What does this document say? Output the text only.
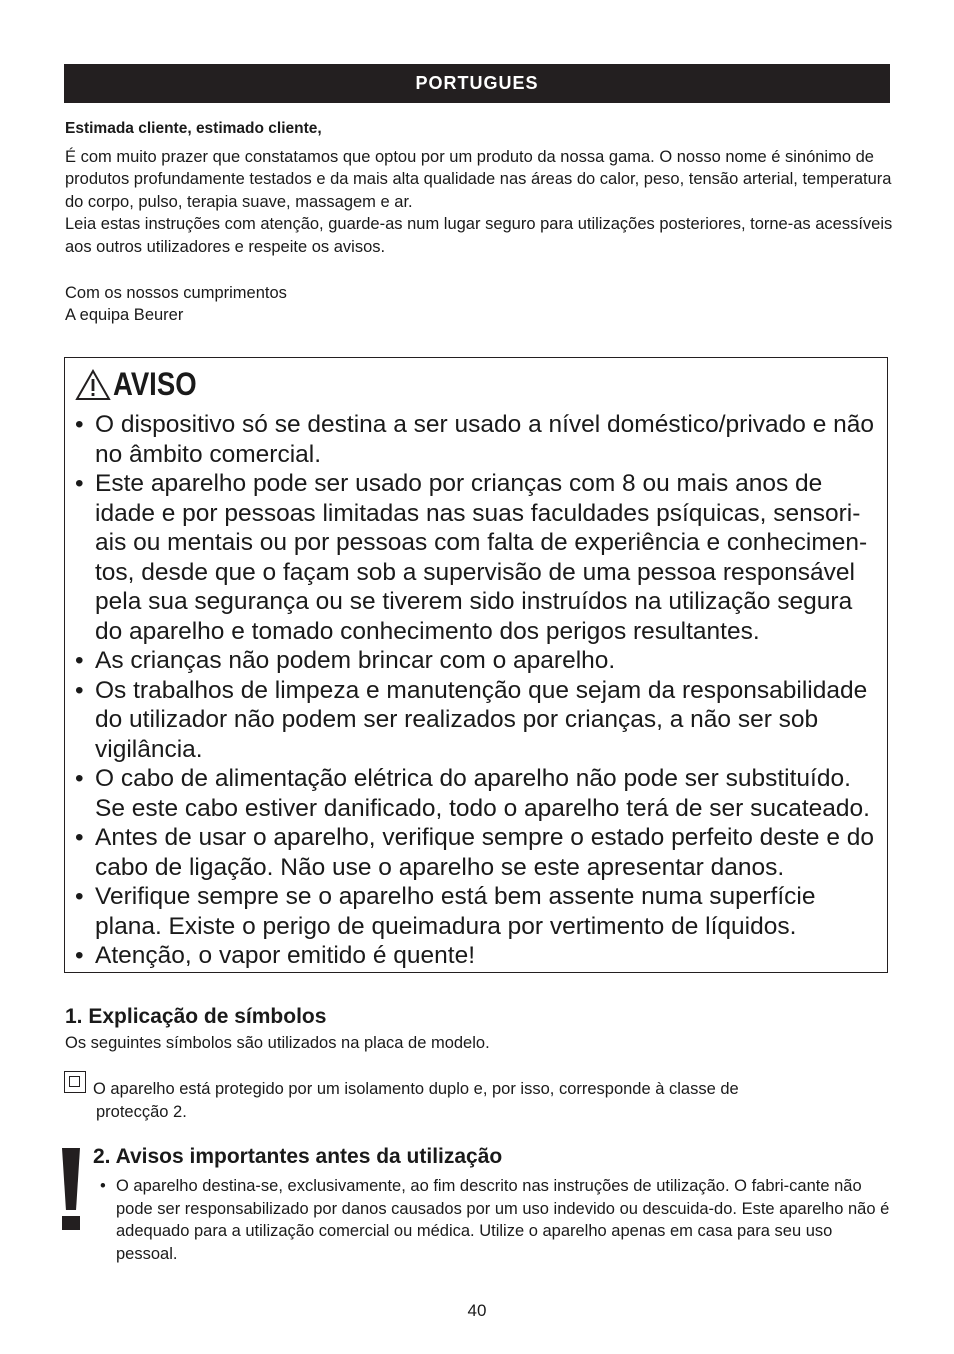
PORTUGUES
Estimada cliente, estimado cliente,

É com muito prazer que constatamos que optou por um produto da nossa gama. O nosso nome é sinónimo de produtos profundamente testados e da mais alta qualidade nas áreas do calor, peso, tensão arterial, temperatura do corpo, pulso, terapia suave, massagem e ar.

Leia estas instruções com atenção, guarde-as num lugar seguro para utilizações posteriores, torne-as acessíveis aos outros utilizadores e respeite os avisos.

Com os nossos cumprimentos

A equipa Beurer

AVISO
• O dispositivo só se destina a ser usado a nível doméstico/privado e não no âmbito comercial.
• Este aparelho pode ser usado por crianças com 8 ou mais anos de idade e por pessoas limitadas nas suas faculdades psíquicas, sensori-ais ou mentais ou por pessoas com falta de experiência e conhecimen-tos, desde que o façam sob a supervisão de uma pessoa responsável pela sua segurança ou se tiverem sido instruídos na utilização segura do aparelho e tomado conhecimento dos perigos resultantes.
• As crianças não podem brincar com o aparelho.
• Os trabalhos de limpeza e manutenção que sejam da responsabilidade do utilizador não podem ser realizados por crianças, a não ser sob vigilância.
• O cabo de alimentação elétrica do aparelho não pode ser substituído. Se este cabo estiver danificado, todo o aparelho terá de ser sucateado.
• Antes de usar o aparelho, verifique sempre o estado perfeito deste e do cabo de ligação. Não use o aparelho se este apresentar danos.
• Verifique sempre se o aparelho está bem assente numa superfície plana. Existe o perigo de queimadura por vertimento de líquidos.
• Atenção, o vapor emitido é quente!
1. Explicação de símbolos
Os seguintes símbolos são utilizados na placa de modelo.
O aparelho está protegido por um isolamento duplo e, por isso, corresponde à classe de
protecção 2.
2. Avisos importantes antes da utilização
• O aparelho destina-se, exclusivamente, ao fim descrito nas instruções de utilização. O fabri-cante não pode ser responsabilizado por danos causados por um uso indevido ou descuida-do. Este aparelho não é adequado para a utilização comercial ou médica. Utilize o aparelho apenas em casa para seu uso pessoal.
40
